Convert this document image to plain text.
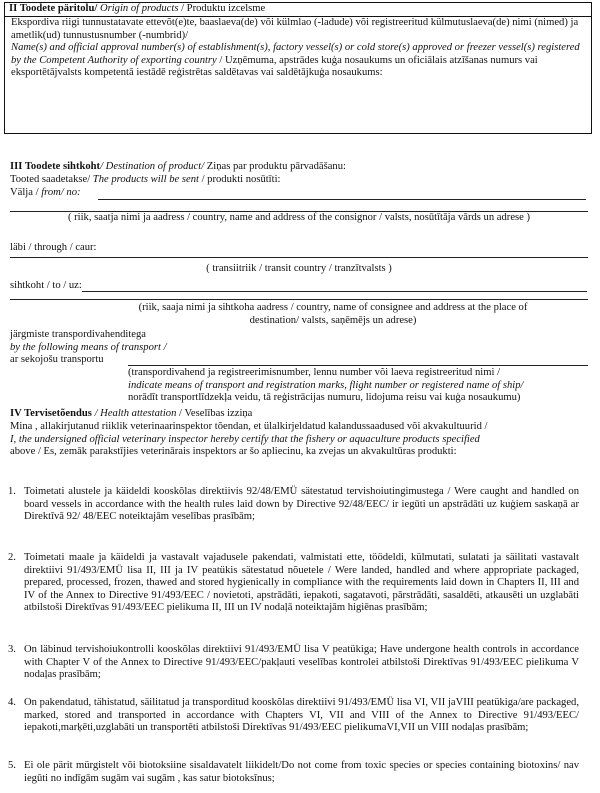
II Toodete päritolu/ Origin of products / Produktu izcelsme
Ekspordiva riigi tunnustatavate ettevõt(e)te, baaslaeva(de) või külmlao (-ladude) või registreeritud külmutuslaeva(de) nimi (nimed) ja ametlik(ud) tunnustusnumber (-numbrid)/
Name(s) and official approval number(s) of establishment(s), factory vessel(s) or cold store(s) approved or freezer vessel(s) registered by the Competent Authority of exporting country / Uzņēmuma, apstrādes kuģa nosaukums un oficiālais atzīšanas numurs vai eksportētājvalsts kompetentā iestādē reģistrētas saldētavas vai saldētājkuģa nosaukums:
III Toodete sihtkoht/ Destination of product/ Ziņas par produktu pārvadāšanu:
Tooted saadetakse/ The products will be sent / produkti nosūtīti:
Välja / from/ no:
( riik, saatja nimi ja aadress / country, name and address of the consignor / valsts, nosūtītāja vārds un adrese )
läbi / through / caur:
( transiitriik / transit country / tranzītvalsts )
sihtkoht / to / uz:
(riik, saaja nimi ja sihtkoha aadress / country, name of consignee and address at the place of
destination/ valsts, saņēmējs un adrese)
järgmiste transpordivahenditega
by the following means of transport /
ar sekojošu transportu
(transpordivahend ja registreerimisnumber, lennu number või laeva registreeritud nimi /
indicate means of transport and registration marks, flight number or registered name of ship/
norādīt transportlīdzekļa veidu, tā reģistrācijas numuru, lidojuma reisu vai kuģa nosaukumu)
IV Tervisetõendus / Health attestation / Veselības izziņa
Mina , allakirjutanud riiklik veterinaarinspektor tõendan, et ülalkirjeldatud kalandussaadused või akvakultuurid /
I, the undersigned official veterinary inspector hereby certify that the fishery or aquaculture products specified
above / Es, zemāk parakstījies veterinārais inspektors ar šo apliecinu, ka zvejas un akvakultūras produkti:
1. Toimetati alustele ja käideldi kooskõlas direktiivis 92/48/EMÜ sätestatud tervishoiutingimustega / Were caught and handled on board vessels in accordance with the health rules laid down by Directive 92/48/EEC/ ir iegūti un apstrādāti uz kuģiem saskaņā ar Direktīvā 92/ 48/EEC noteiktajām veselības prasībām;
2. Toimetati maale ja käideldi ja vastavalt vajadusele pakendati, valmistati ette, töödeldi, külmutati, sulatati ja säilitati vastavalt direktiivi 91/493/EMÜ lisa II, III ja IV peatükis sätestatud nõuetele / Were landed, handled and where appropriate packaged, prepared, processed, frozen, thawed and stored hygienically in compliance with the requirements laid down in Chapters II, III and IV of the Annex to Directive 91/493/EEC / novietoti, apstrādāti, iepakoti, sagatavoti, pārstrādāti, sasaldēti, atkausēti un uzglabāti atbilstoši Direktīvas 91/493/EEC pielikuma II, III un IV nodaļā noteiktajām higiēnas prasībām;
3. On läbinud tervishoiukontrolli kooskõlas direktiivi 91/493/EMÜ lisa V peatükiga; Have undergone health controls in accordance with Chapter V of the Annex to Directive 91/493/EEC/pakļauti veselības kontrolei atbilstoši Direktīvas 91/493/EEC pielikuma V nodaļas prasībām;
4. On pakendatud, tähistatud, säilitatud ja transporditud kooskõlas direktiivi 91/493/EMÜ lisa VI, VII jaVIII peatükiga/are packaged, marked, stored and transported in accordance with Chapters VI, VII and VIII of the Annex to Directive 91/493/EEC/ iepakoti,marķēti,uzglabāti un transportēti atbilstoši Direktīvas 91/493/EEC pielikumaVI,VII un VIII nodaļas prasībām;
5. Ei ole pärit mürgistelt või biotoksiine sisaldavatelt liikidelt/Do not come from toxic species or species containing biotoxins/ nav iegūti no indīgām sugām vai sugām , kas satur biotoksīnus;
